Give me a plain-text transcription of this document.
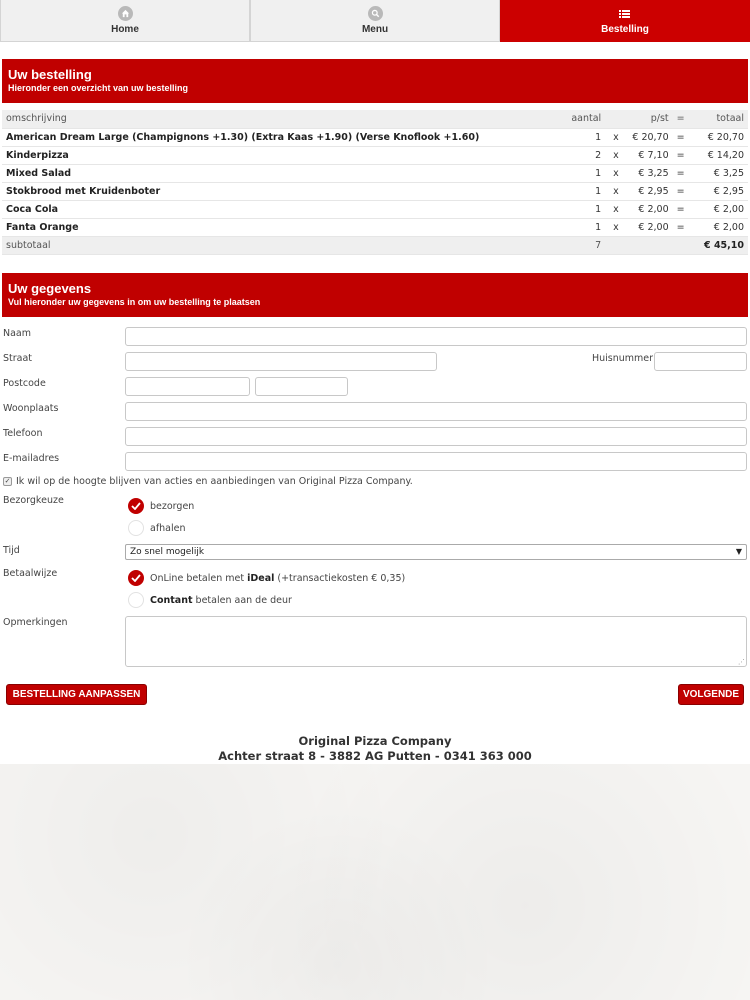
Home	Menu	Bestelling
Uw bestelling
Hieronder een overzicht van uw bestelling
omschrijving	aantal		p/st	=	totaal
American Dream Large (Champignons +1.30) (Extra Kaas +1.90) (Verse Knoflook +1.60)	1	x	€ 20,70	=	€ 20,70
Kinderpizza	2	x	€ 7,10	=	€ 14,20
Mixed Salad	1	x	€ 3,25	=	€ 3,25
Stokbrood met Kruidenboter	1	x	€ 2,95	=	€ 2,95
Coca Cola	1	x	€ 2,00	=	€ 2,00
Fanta Orange	1	x	€ 2,00	=	€ 2,00
subtotaal	7				€ 45,10
Uw gegevens
Vul hieronder uw gegevens in om uw bestelling te plaatsen
Naam
Straat	Huisnummer
Postcode
Woonplaats
Telefoon
E-mailadres
✓ Ik wil op de hoogte blijven van acties en aanbiedingen van Original Pizza Company.
Bezorgkeuze	bezorgen
afhalen
Tijd	Zo snel mogelijk	▼
Betaalwijze	OnLine betalen met iDeal (+transactiekosten € 0,35)
Contant betalen aan de deur
Opmerkingen
⋰
BESTELLING AANPASSEN	VOLGENDE
Original Pizza Company
Achter straat 8 - 3882 AG Putten - 0341 363 000
